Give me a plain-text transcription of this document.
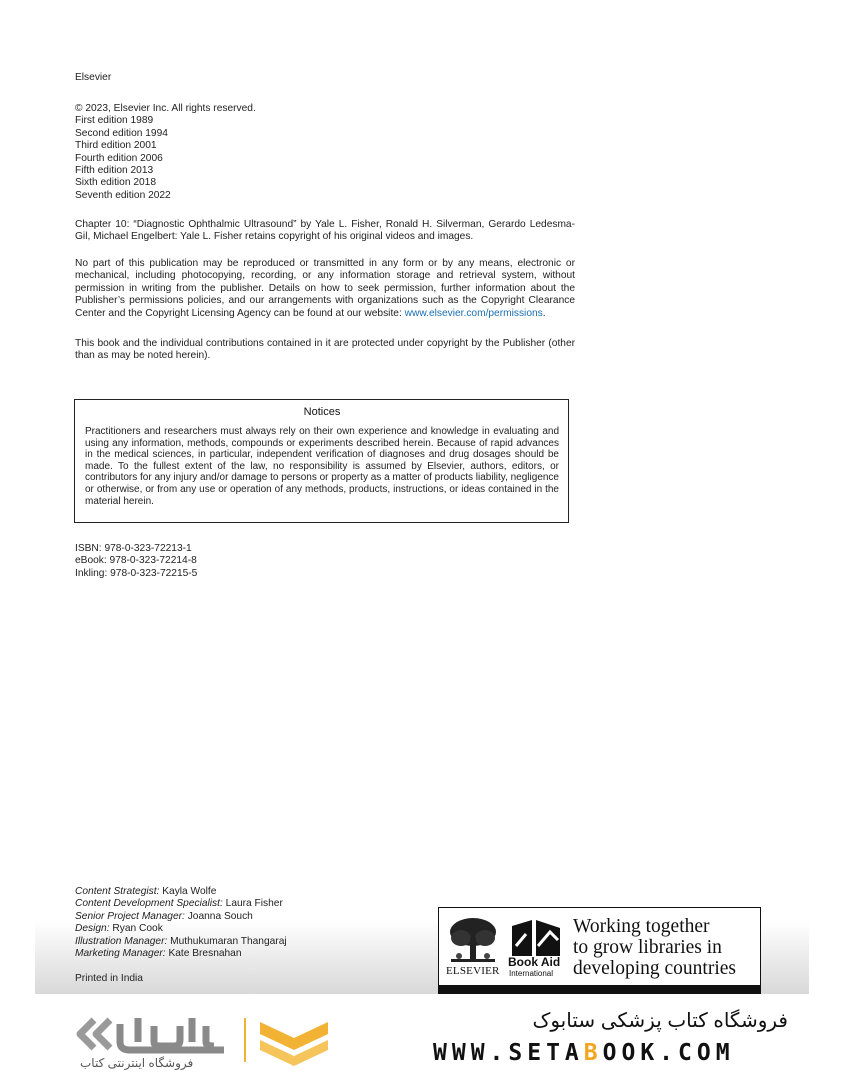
Elsevier
© 2023, Elsevier Inc. All rights reserved.
First edition 1989
Second edition 1994
Third edition 2001
Fourth edition 2006
Fifth edition 2013
Sixth edition 2018
Seventh edition 2022
Chapter 10: “Diagnostic Ophthalmic Ultrasound” by Yale L. Fisher, Ronald H. Silverman, Gerardo Ledesma-Gil, Michael Engelbert: Yale L. Fisher retains copyright of his original videos and images.
No part of this publication may be reproduced or transmitted in any form or by any means, electronic or mechanical, including photocopying, recording, or any information storage and retrieval system, without permission in writing from the publisher. Details on how to seek permission, further information about the Publisher’s permissions policies, and our arrangements with organizations such as the Copyright Clearance Center and the Copyright Licensing Agency can be found at our website: www.elsevier.com/permissions.
This book and the individual contributions contained in it are protected under copyright by the Publisher (other than as may be noted herein).
Notices
Practitioners and researchers must always rely on their own experience and knowledge in evaluating and using any information, methods, compounds or experiments described herein. Because of rapid advances in the medical sciences, in particular, independent verification of diagnoses and drug dosages should be made. To the fullest extent of the law, no responsibility is assumed by Elsevier, authors, editors, or contributors for any injury and/or damage to persons or property as a matter of products liability, negligence or otherwise, or from any use or operation of any methods, products, instructions, or ideas contained in the material herein.
ISBN: 978-0-323-72213-1
eBook: 978-0-323-72214-8
Inkling: 978-0-323-72215-5
Content Strategist: Kayla Wolfe
Content Development Specialist: Laura Fisher
Senior Project Manager: Joanna Souch
Design: Ryan Cook
Illustration Manager: Muthukumaran Thangaraj
Marketing Manager: Kate Bresnahan
Printed in India
ELSEVIER
Book Aid
International
Working together
to grow libraries in
developing countries
فروشگاه اینترنتی کتاب
فروشگاه کتاب پزشکی ستابوک
WWW.SETABOOK.COM
